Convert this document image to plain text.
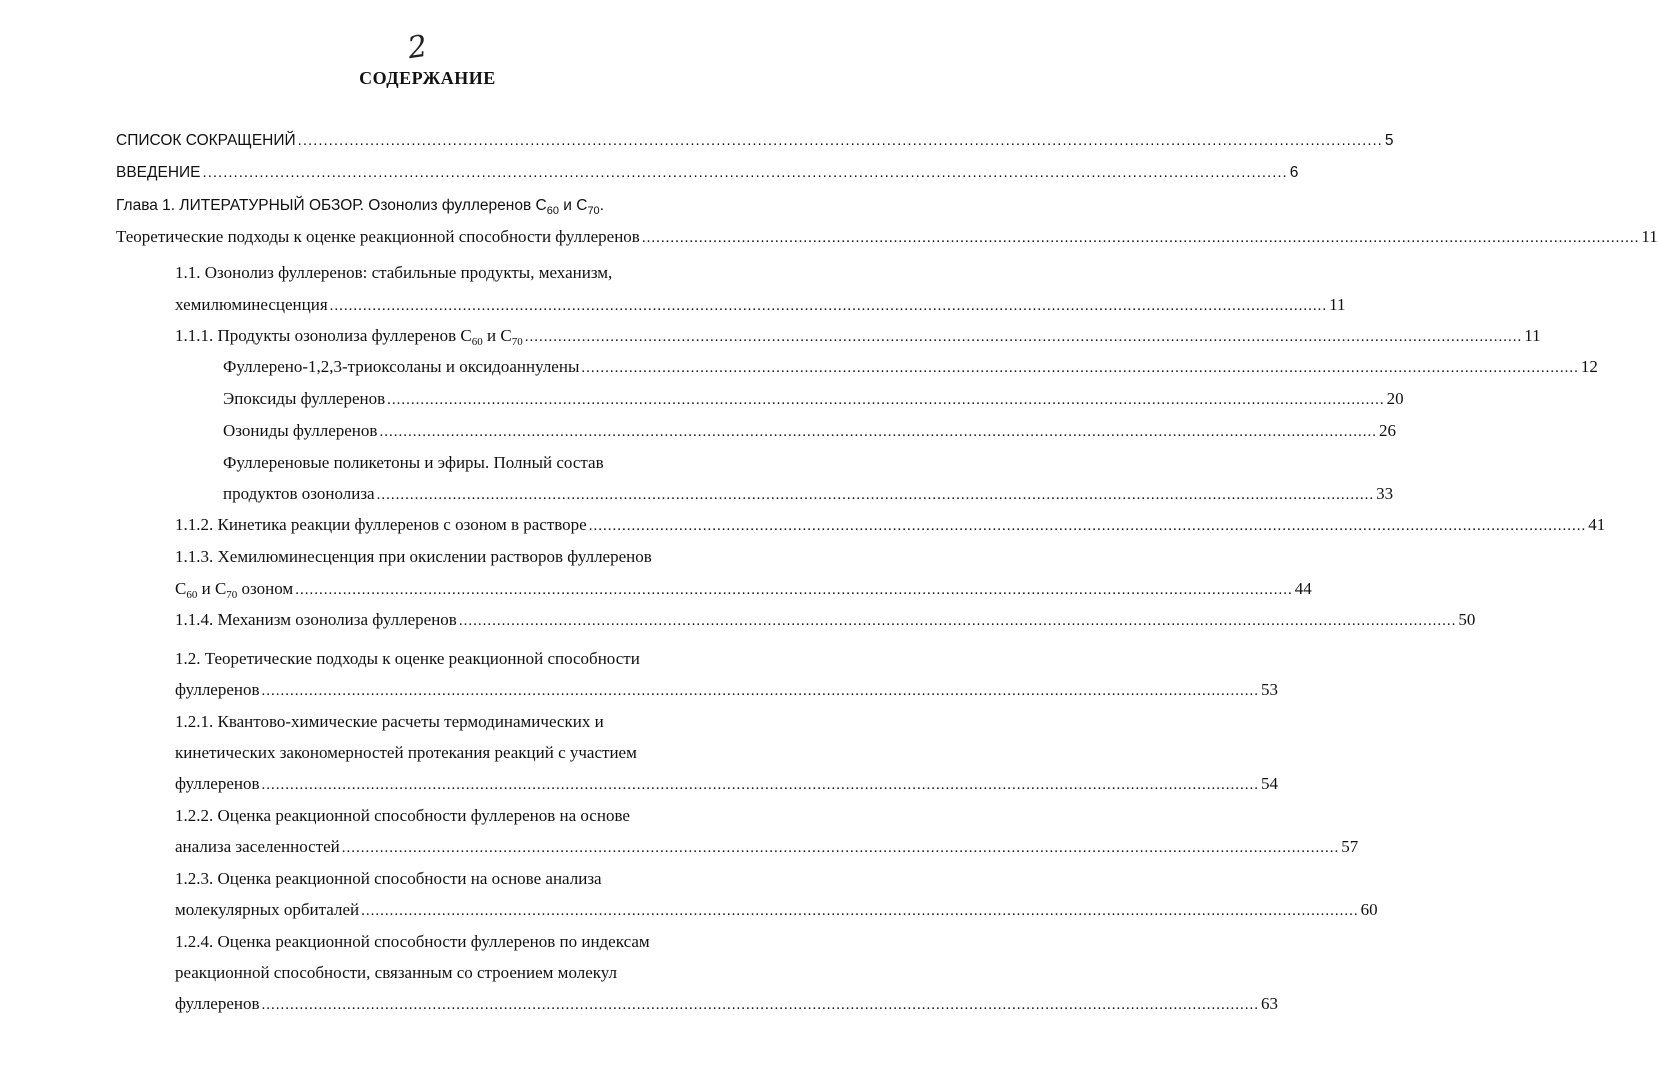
2
СОДЕРЖАНИЕ
СПИСОК СОКРАЩЕНИЙ .................................................................................................................................................................................................................. 5
ВВЕДЕНИЕ .................................................................................................................................................................................................................. 6
Глава 1. ЛИТЕРАТУРНЫЙ ОБЗОР. Озонолиз фуллеренов $С_{60}$ и $С_{70}$.
Теоретические подходы к оценке реакционной способности фуллеренов .................................................................................................................................................................................................................. 11
1.1. Озонолиз фуллеренов: стабильные продукты, механизм,
хемилюминесценция .................................................................................................................................................................................................................. 11
1.1.1. Продукты озонолиза фуллеренов $С_{60}$ и $С_{70}$ .................................................................................................................................................................................................................. 11
Фуллерено-1,2,3-триоксоланы и оксидоаннулены .................................................................................................................................................................................................................. 12
Эпоксиды фуллеренов .................................................................................................................................................................................................................. 20
Озониды фуллеренов .................................................................................................................................................................................................................. 26
Фуллереновые поликетоны и эфиры. Полный состав
продуктов озонолиза .................................................................................................................................................................................................................. 33
1.1.2. Кинетика реакции фуллеренов с озоном в растворе .................................................................................................................................................................................................................. 41
1.1.3. Хемилюминесценция при окислении растворов фуллеренов
$С_{60}$ и $С_{70}$ озоном .................................................................................................................................................................................................................. 44
1.1.4. Механизм озонолиза фуллеренов .................................................................................................................................................................................................................. 50
1.2. Теоретические подходы к оценке реакционной способности
фуллеренов .................................................................................................................................................................................................................. 53
1.2.1. Квантово-химические расчеты термодинамических и
кинетических закономерностей протекания реакций с участием
фуллеренов .................................................................................................................................................................................................................. 54
1.2.2. Оценка реакционной способности фуллеренов на основе
анализа заселенностей .................................................................................................................................................................................................................. 57
1.2.3. Оценка реакционной способности на основе анализа
молекулярных орбиталей .................................................................................................................................................................................................................. 60
1.2.4. Оценка реакционной способности фуллеренов по индексам
реакционной способности, связанным со строением молекул
фуллеренов .................................................................................................................................................................................................................. 63
